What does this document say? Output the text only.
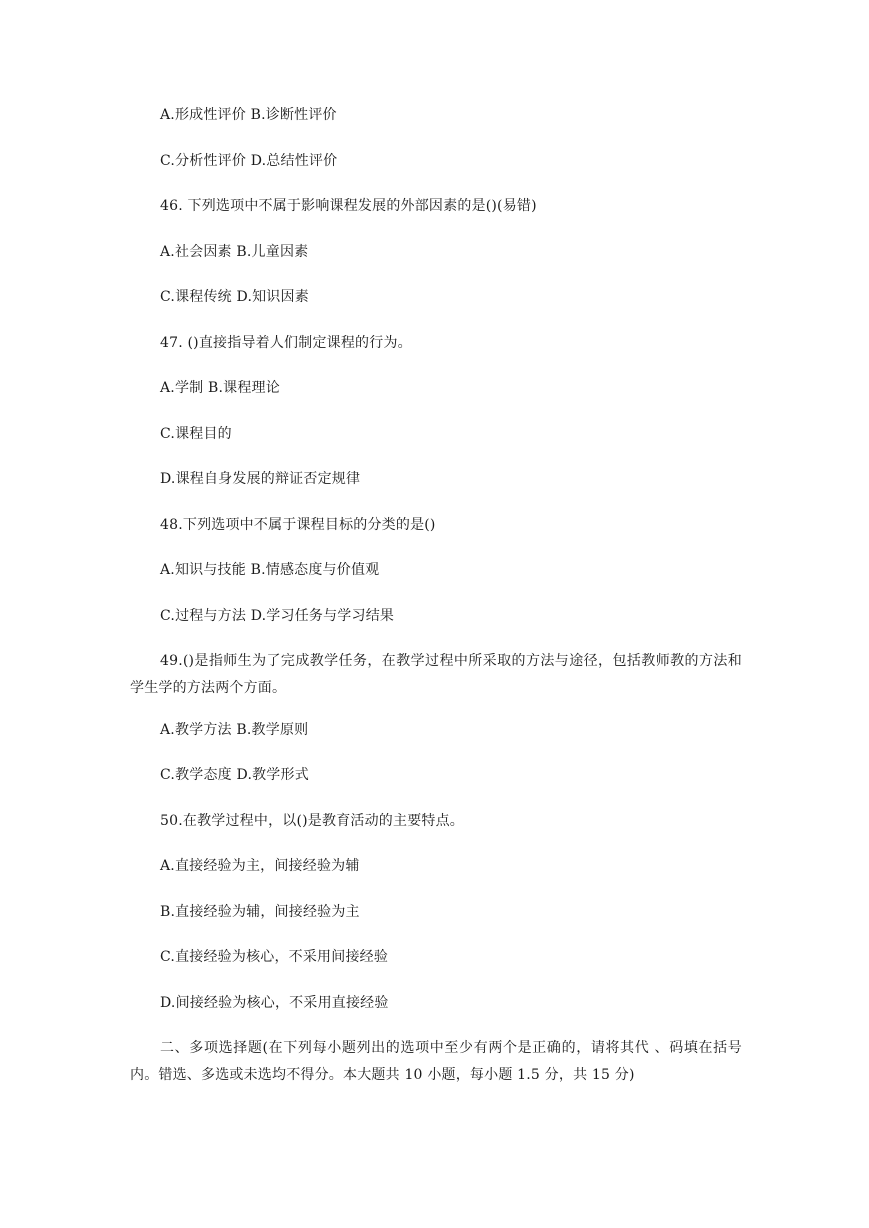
A.形成性评价 B.诊断性评价
C.分析性评价 D.总结性评价
46. 下列选项中不属于影响课程发展的外部因素的是()(易错)
A.社会因素 B.儿童因素
C.课程传统 D.知识因素
47. ()直接指导着人们制定课程的行为。
A.学制 B.课程理论
C.课程目的
D.课程自身发展的辩证否定规律
48.下列选项中不属于课程目标的分类的是()
A.知识与技能 B.情感态度与价值观
C.过程与方法 D.学习任务与学习结果
49.()是指师生为了完成教学任务，在教学过程中所采取的方法与途径，包括教师教的方法和学生学的方法两个方面。
A.教学方法 B.教学原则
C.教学态度 D.教学形式
50.在教学过程中，以()是教育活动的主要特点。
A.直接经验为主，间接经验为辅
B.直接经验为辅，间接经验为主
C.直接经验为核心，不采用间接经验
D.间接经验为核心，不采用直接经验
二、多项选择题(在下列每小题列出的选项中至少有两个是正确的，请将其代 、码填在括号内。错选、多选或未选均不得分。本大题共 10 小题，每小题 1.5 分，共 15 分)
